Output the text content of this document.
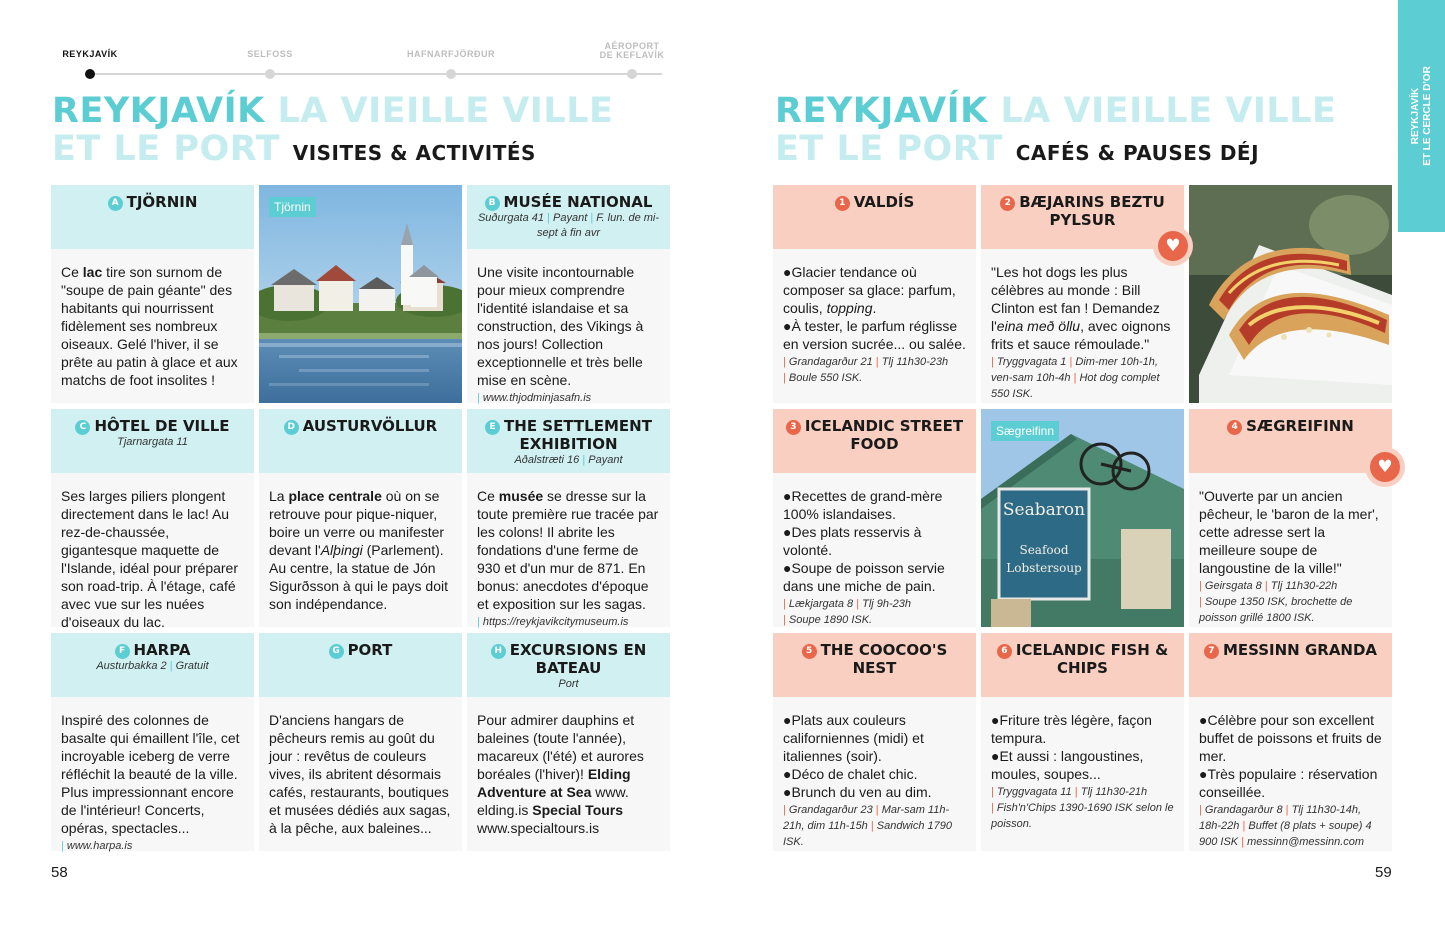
REYKJAVÍK	SELFOSS	HAFNARFJÖRÐUR
AÉROPORT
DE KEFLAVÍK
REYKJAVÍK LA VIEILLE VILLE
ET LE PORT VISITES & ACTIVITÉS
A TJÖRNIN
Ce lac tire son surnom de "soupe de pain géante" des habitants qui nourrissent fidèlement ses nombreux oiseaux. Gelé l'hiver, il se prête au patin à glace et aux matchs de foot insolites !
Tjörnin	B MUSÉE NATIONAL
Suðurgata 41 | Payant | F. lun. de mi-sept à fin avr
Une visite incontournable pour mieux comprendre l'identité islandaise et sa construction, des Vikings à nos jours! Collection exceptionnelle et très belle mise en scène.
| www.thjodminjasafn.is
C HÔTEL DE VILLE
Tjarnargata 11
Ses larges piliers plongent directement dans le lac! Au rez-de-chaussée, gigantesque maquette de l'Islande, idéal pour préparer son road-trip. À l'étage, café avec vue sur les nuées d'oiseaux du lac.
D AUSTURVÖLLUR
La place centrale où on se retrouve pour pique-niquer, boire un verre ou manifester devant l'Alþingi (Parlement). Au centre, la statue de Jón Sigurðsson à qui le pays doit son indépendance.
E THE SETTLEMENT EXHIBITION
Aðalstræti 16 | Payant
Ce musée se dresse sur la toute première rue tracée par les colons! Il abrite les fondations d'une ferme de 930 et d'un mur de 871. En bonus: anecdotes d'époque et exposition sur les sagas.
| https://reykjavikcitymuseum.is
F HARPA
Austurbakka 2 | Gratuit
Inspiré des colonnes de basalte qui émaillent l'île, cet incroyable iceberg de verre réfléchit la beauté de la ville. Plus impressionnant encore de l'intérieur! Concerts, opéras, spectacles...
| www.harpa.is
G PORT
D'anciens hangars de pêcheurs remis au goût du jour : revêtus de couleurs vives, ils abritent désormais cafés, restaurants, boutiques et musées dédiés aux sagas, à la pêche, aux baleines...
H EXCURSIONS EN BATEAU
Port
Pour admirer dauphins et baleines (toute l'année), macareux (l'été) et aurores boréales (l'hiver)! Elding Adventure at Sea www. elding.is Special Tours www.specialtours.is
58
REYKJAVÍK LA VIEILLE VILLE
ET LE PORT CAFÉS & PAUSES DÉJ
REYKJAVÍK
ET LE CERCLE D'OR
1 VALDÍS
●Glacier tendance où composer sa glace: parfum, coulis, topping.
●À tester, le parfum réglisse en version sucrée... ou salée.
| Grandagarður 21 | Tlj 11h30-23h
| Boule 550 ISK.
2 BÆJARINS BEZTU PYLSUR
"Les hot dogs les plus célèbres au monde : Bill Clinton est fan ! Demandez l'eina með öllu, avec oignons frits et sauce rémoulade."
| Tryggvagata 1 | Dim-mer 10h-1h, ven-sam 10h-4h | Hot dog complet 550 ISK.
♥
3 ICELANDIC STREET FOOD
●Recettes de grand-mère 100% islandaises.
●Des plats resservis à volonté.
●Soupe de poisson servie dans une miche de pain.
| Lækjargata 8 | Tlj 9h-23h
| Soupe 1890 ISK.
Seabaron
Seafood
Lobstersoup
Sægreifinn	4 SÆGREIFINN
"Ouverte par un ancien pêcheur, le 'baron de la mer', cette adresse sert la meilleure soupe de langoustine de la ville!"
| Geirsgata 8 | Tlj 11h30-22h
| Soupe 1350 ISK, brochette de poisson grillé 1800 ISK.
♥
5 THE COOCOO'S NEST
●Plats aux couleurs californiennes (midi) et italiennes (soir).
●Déco de chalet chic.
●Brunch du ven au dim.
| Grandagarður 23 | Mar-sam 11h-21h, dim 11h-15h | Sandwich 1790 ISK.
6 ICELANDIC FISH & CHIPS
●Friture très légère, façon tempura.
●Et aussi : langoustines, moules, soupes...
| Tryggvagata 11 | Tlj 11h30-21h
| Fish'n'Chips 1390-1690 ISK selon le poisson.
7 MESSINN GRANDA
●Célèbre pour son excellent buffet de poissons et fruits de mer.
●Très populaire : réservation conseillée.
| Grandagarður 8 | Tlj 11h30-14h, 18h-22h | Buffet (8 plats + soupe) 4 900 ISK | messinn@messinn.com
59
